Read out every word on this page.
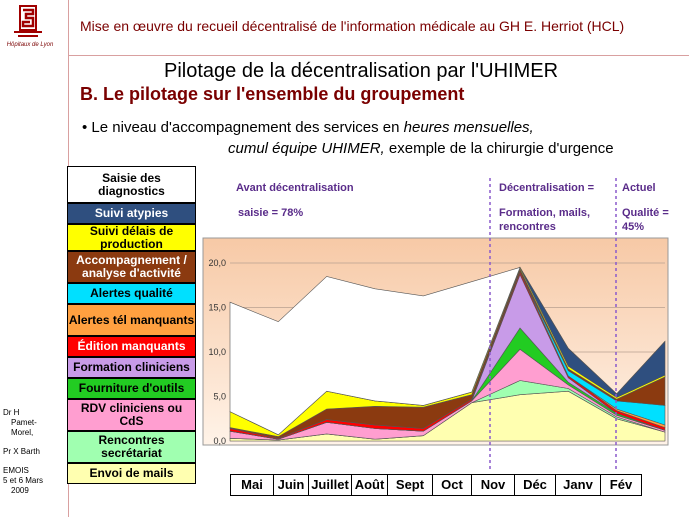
Hôpitaux de Lyon
Mise en œuvre du recueil décentralisé de l'information médicale au GH E. Herriot (HCL)
Pilotage de la décentralisation par l'UHIMER
B. Le pilotage sur l'ensemble du groupement
• Le niveau d'accompagnement des services en heures mensuelles,
cumul équipe UHIMER, exemple de la chirurgie d'urgence
Saisie des diagnostics
Suivi atypies
Suivi délais de production
Accompagnement / analyse d'activité
Alertes qualité
Alertes tél manquants
Édition manquants
Formation cliniciens
Fourniture d'outils
RDV cliniciens ou CdS
Rencontres secrétariat
Envoi de mails
Dr H
Pamet-
Morel,
Pr X Barth
EMOIS
5 et 6 Mars
2009
0,0
5,0
10,0
15,0
20,0
Avant décentralisation
saisie = 78%
Décentralisation =
Formation, mails,
rencontres
Actuel
Qualité =
45%
Mai	Juin Juillet Août Sept	Oct	Nov	Déc	Janv	Fév
